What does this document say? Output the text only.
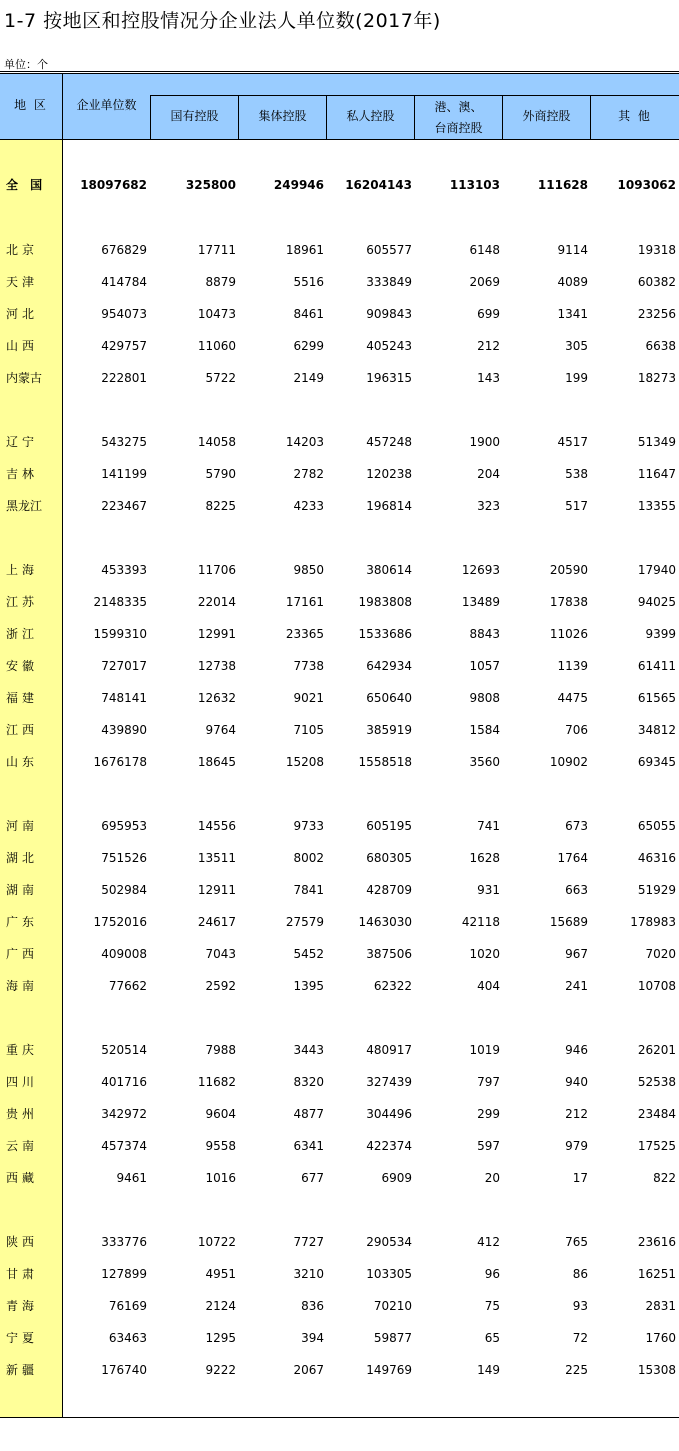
1-7 按地区和控股情况分企业法人单位数(2017年)
单位：个
地 区	企业单位数
国有控股	集体控股	私人控股
港、澳、
台商控股
外商控股	其 他
全 国	18097682	325800	249946	16204143	113103	111628	1093062
北京	676829	17711	18961	605577	6148	9114	19318
天津	414784	8879	5516	333849	2069	4089	60382
河北	954073	10473	8461	909843	699	1341	23256
山西	429757	11060	6299	405243	212	305	6638
内蒙古	222801	5722	2149	196315	143	199	18273
辽宁	543275	14058	14203	457248	1900	4517	51349
吉林	141199	5790	2782	120238	204	538	11647
黑龙江	223467	8225	4233	196814	323	517	13355
上海	453393	11706	9850	380614	12693	20590	17940
江苏	2148335	22014	17161	1983808	13489	17838	94025
浙江	1599310	12991	23365	1533686	8843	11026	9399
安徽	727017	12738	7738	642934	1057	1139	61411
福建	748141	12632	9021	650640	9808	4475	61565
江西	439890	9764	7105	385919	1584	706	34812
山东	1676178	18645	15208	1558518	3560	10902	69345
河南	695953	14556	9733	605195	741	673	65055
湖北	751526	13511	8002	680305	1628	1764	46316
湖南	502984	12911	7841	428709	931	663	51929
广东	1752016	24617	27579	1463030	42118	15689	178983
广西	409008	7043	5452	387506	1020	967	7020
海南	77662	2592	1395	62322	404	241	10708
重庆	520514	7988	3443	480917	1019	946	26201
四川	401716	11682	8320	327439	797	940	52538
贵州	342972	9604	4877	304496	299	212	23484
云南	457374	9558	6341	422374	597	979	17525
西藏	9461	1016	677	6909	20	17	822
陕西	333776	10722	7727	290534	412	765	23616
甘肃	127899	4951	3210	103305	96	86	16251
青海	76169	2124	836	70210	75	93	2831
宁夏	63463	1295	394	59877	65	72	1760
新疆	176740	9222	2067	149769	149	225	15308
